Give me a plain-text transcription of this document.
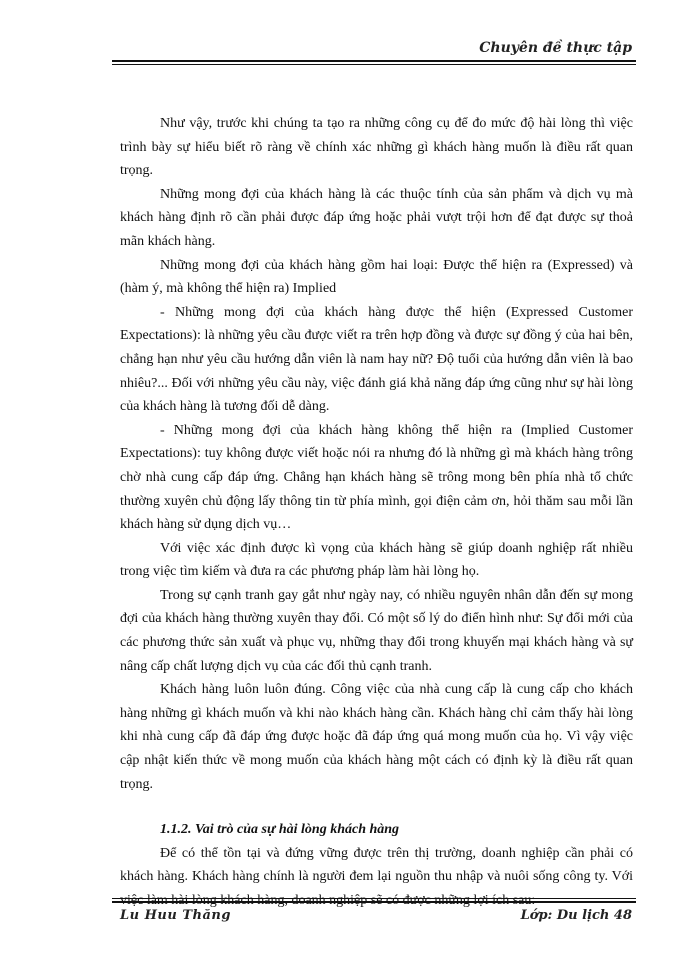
Chuyên đề thực tập

Như vậy, trước khi chúng ta tạo ra những công cụ để đo mức độ hài lòng thì việc trình bày sự hiểu biết rõ ràng về chính xác những gì khách hàng muốn là điều rất quan trọng.

Những mong đợi của khách hàng là các thuộc tính của sản phẩm và dịch vụ mà khách hàng định rõ cần phải được đáp ứng hoặc phải vượt trội hơn để đạt được sự thoả mãn khách hàng.

Những mong đợi của khách hàng gồm hai loại: Được thể hiện ra (Expressed) và (hàm ý, mà không thể hiện ra) Implied

- Những mong đợi của khách hàng được thể hiện (Expressed Customer Expectations): là những yêu cầu được viết ra trên hợp đồng và được sự đồng ý của hai bên, chẳng hạn như yêu cầu hướng dẫn viên là nam hay nữ? Độ tuổi của hướng dẫn viên là bao nhiêu?... Đối với những yêu cầu này, việc đánh giá khả năng đáp ứng cũng như sự hài lòng của khách hàng là tương đối dễ dàng.

- Những mong đợi của khách hàng không thể hiện ra (Implied Customer Expectations): tuy không được viết hoặc nói ra nhưng đó là những gì mà khách hàng trông chờ nhà cung cấp đáp ứng. Chẳng hạn khách hàng sẽ trông mong bên phía nhà tổ chức thường xuyên chủ động lấy thông tin từ phía mình, gọi điện cảm ơn, hỏi thăm sau mỗi lần khách hàng sử dụng dịch vụ…

Với việc xác định được kì vọng của khách hàng sẽ giúp doanh nghiệp rất nhiều trong việc tìm kiếm và đưa ra các phương pháp làm hài lòng họ.

Trong sự cạnh tranh gay gắt như ngày nay, có nhiều nguyên nhân dẫn đến sự mong đợi của khách hàng thường xuyên thay đổi. Có một số lý do điển hình như: Sự đổi mới của các phương thức sản xuất và phục vụ, những thay đổi trong khuyến mại khách hàng và sự nâng cấp chất lượng dịch vụ của các đối thủ cạnh tranh.

Khách hàng luôn luôn đúng. Công việc của nhà cung cấp là cung cấp cho khách hàng những gì khách muốn và khi nào khách hàng cần. Khách hàng chỉ cảm thấy hài lòng khi nhà cung cấp đã đáp ứng được hoặc đã đáp ứng quá mong muốn của họ. Vì vậy việc cập nhật kiến thức về mong muốn của khách hàng một cách có định kỳ là điều rất quan trọng.

1.1.2. Vai trò của sự hài lòng khách hàng

Để có thể tồn tại và đứng vững được trên thị trường, doanh nghiệp cần phải có khách hàng. Khách hàng chính là người đem lại nguồn thu nhập và nuôi sống công ty. Với

Lu Huu Thăng	Lớp: Du lịch 48
